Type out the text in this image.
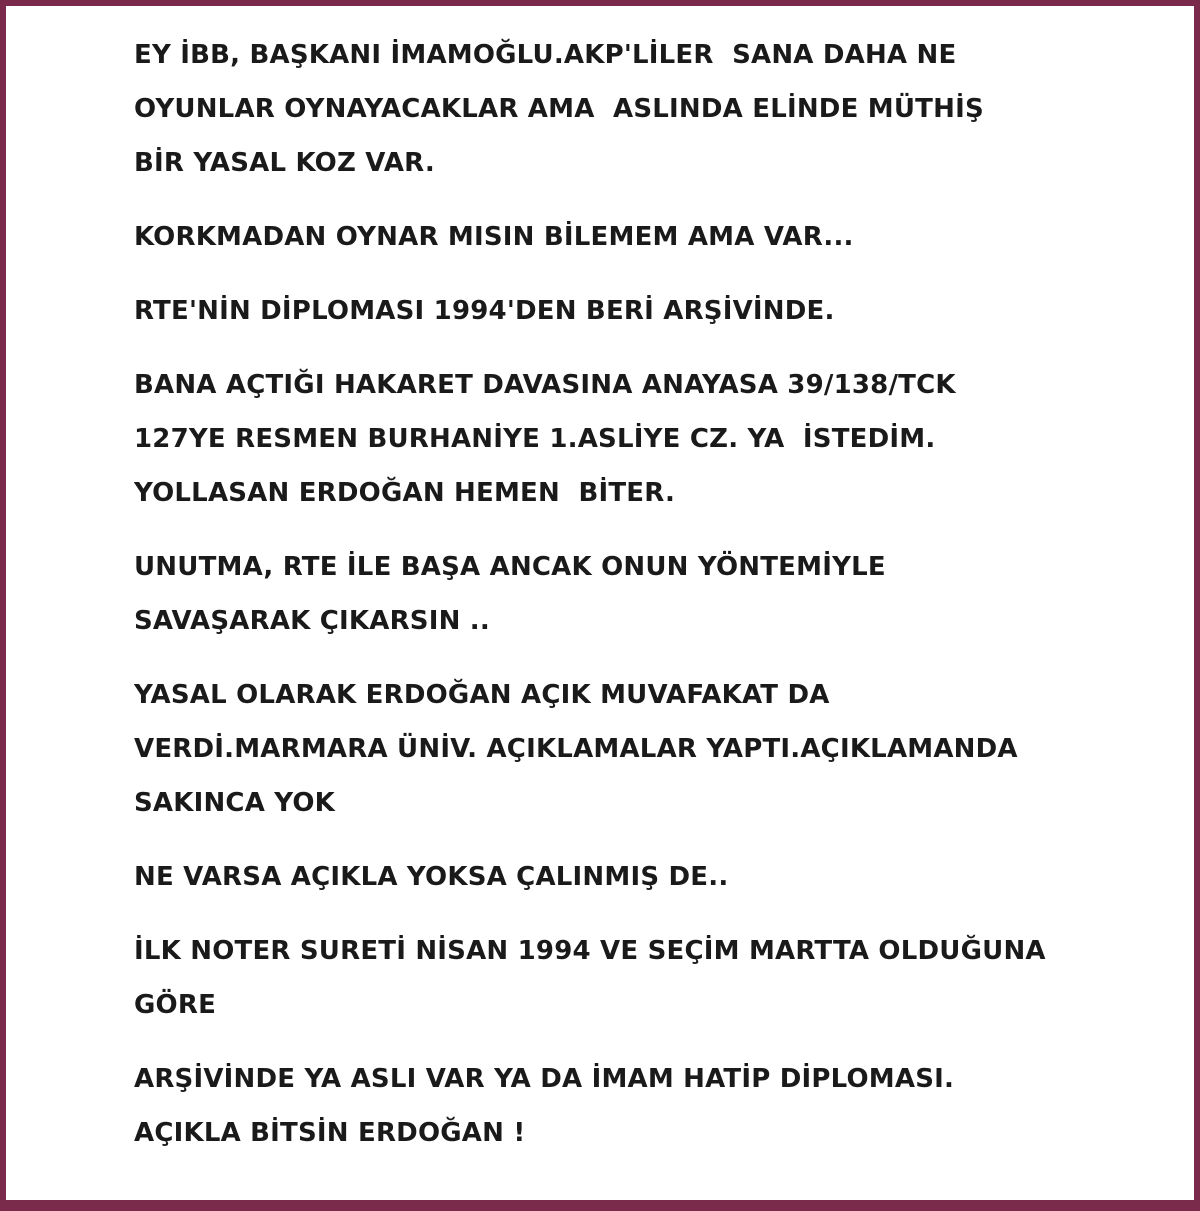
EY İBB, BAŞKANI İMAMOĞLU.AKP'LİLER  SANA DAHA NE
OYUNLAR OYNAYACAKLAR AMA  ASLINDA ELİNDE MÜTHİŞ
BİR YASAL KOZ VAR.

KORKMADAN OYNAR MISIN BİLEMEM AMA VAR...

RTE'NİN DİPLOMASI 1994'DEN BERİ ARŞİVİNDE.

BANA AÇTIĞI HAKARET DAVASINA ANAYASA 39/138/TCK
127YE RESMEN BURHANİYE 1.ASLİYE CZ. YA  İSTEDİM.
YOLLASAN ERDOĞAN HEMEN  BİTER.

UNUTMA, RTE İLE BAŞA ANCAK ONUN YÖNTEMİYLE
SAVAŞARAK ÇIKARSIN ..

YASAL OLARAK ERDOĞAN AÇIK MUVAFAKAT DA
VERDİ.MARMARA ÜNİV. AÇIKLAMALAR YAPTI.AÇIKLAMANDA
SAKINCA YOK

NE VARSA AÇIKLA YOKSA ÇALINMIŞ DE..

İLK NOTER SURETİ NİSAN 1994 VE SEÇİM MARTTA OLDUĞUNA
GÖRE

ARŞİVİNDE YA ASLI VAR YA DA İMAM HATİP DİPLOMASI.
AÇIKLA BİTSİN ERDOĞAN !
